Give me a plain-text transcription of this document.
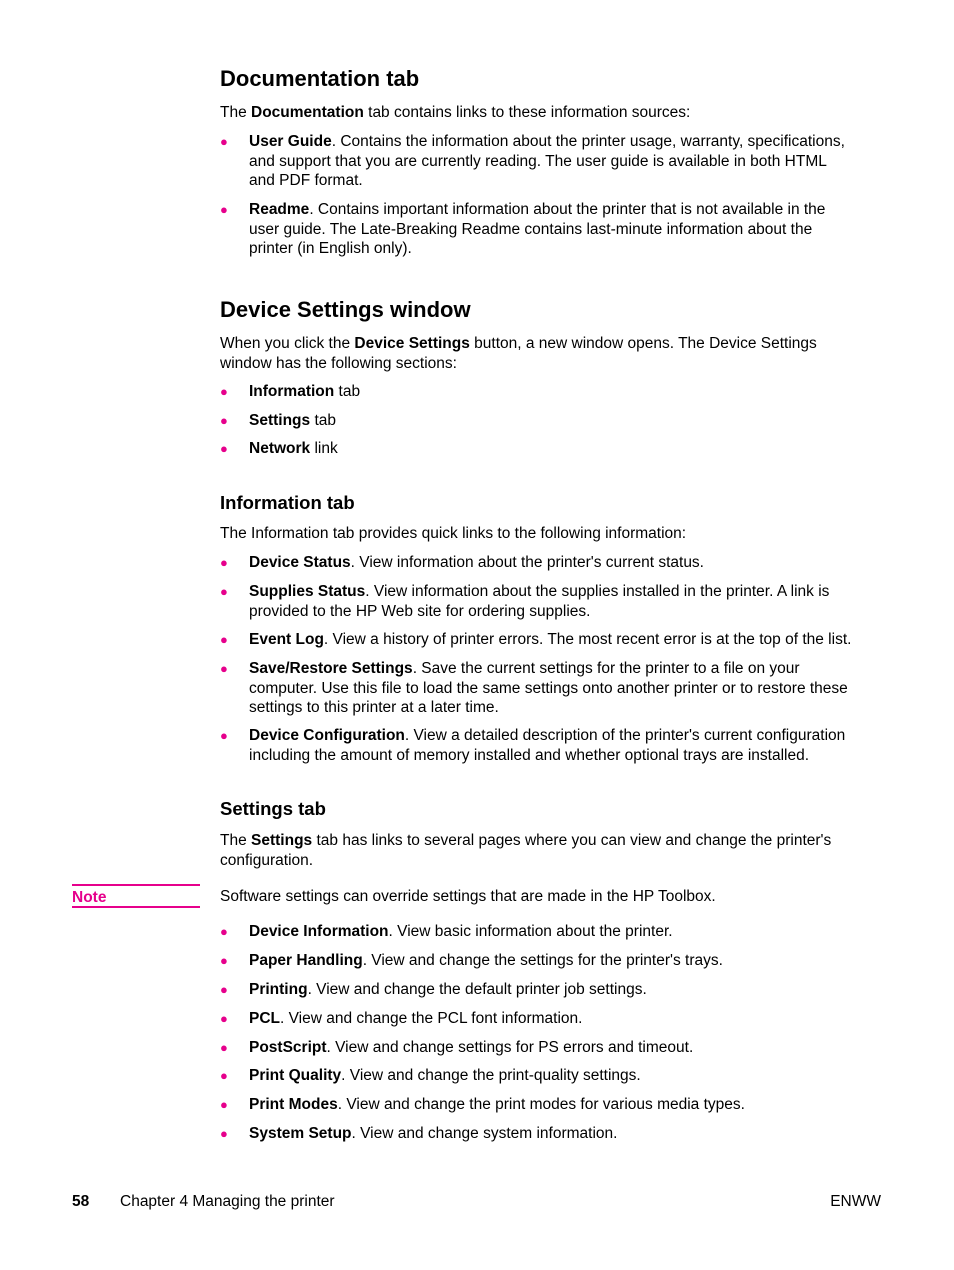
Documentation tab

The Documentation tab contains links to these information sources:

● User Guide. Contains the information about the printer usage, warranty, specifications,
and support that you are currently reading. The user guide is available in both HTML
and PDF format.
● Readme. Contains important information about the printer that is not available in the
user guide. The Late-Breaking Readme contains last-minute information about the
printer (in English only).
Device Settings window

When you click the Device Settings button, a new window opens. The Device Settings
window has the following sections:

● Information tab
● Settings tab
● Network link
Information tab

The Information tab provides quick links to the following information:

● Device Status. View information about the printer's current status.
● Supplies Status. View information about the supplies installed in the printer. A link is
provided to the HP Web site for ordering supplies.
● Event Log. View a history of printer errors. The most recent error is at the top of the list.
● Save/Restore Settings. Save the current settings for the printer to a file on your
computer. Use this file to load the same settings onto another printer or to restore these
settings to this printer at a later time.
● Device Configuration. View a detailed description of the printer's current configuration
including the amount of memory installed and whether optional trays are installed.
Settings tab

The Settings tab has links to several pages where you can view and change the printer's
configuration.

Note	Software settings can override settings that are made in the HP Toolbox.

● Device Information. View basic information about the printer.
● Paper Handling. View and change the settings for the printer's trays.
● Printing. View and change the default printer job settings.
● PCL. View and change the PCL font information.
● PostScript. View and change settings for PS errors and timeout.
● Print Quality. View and change the print-quality settings.
● Print Modes. View and change the print modes for various media types.
● System Setup. View and change system information.
58 Chapter 4 Managing the printer	ENWW
